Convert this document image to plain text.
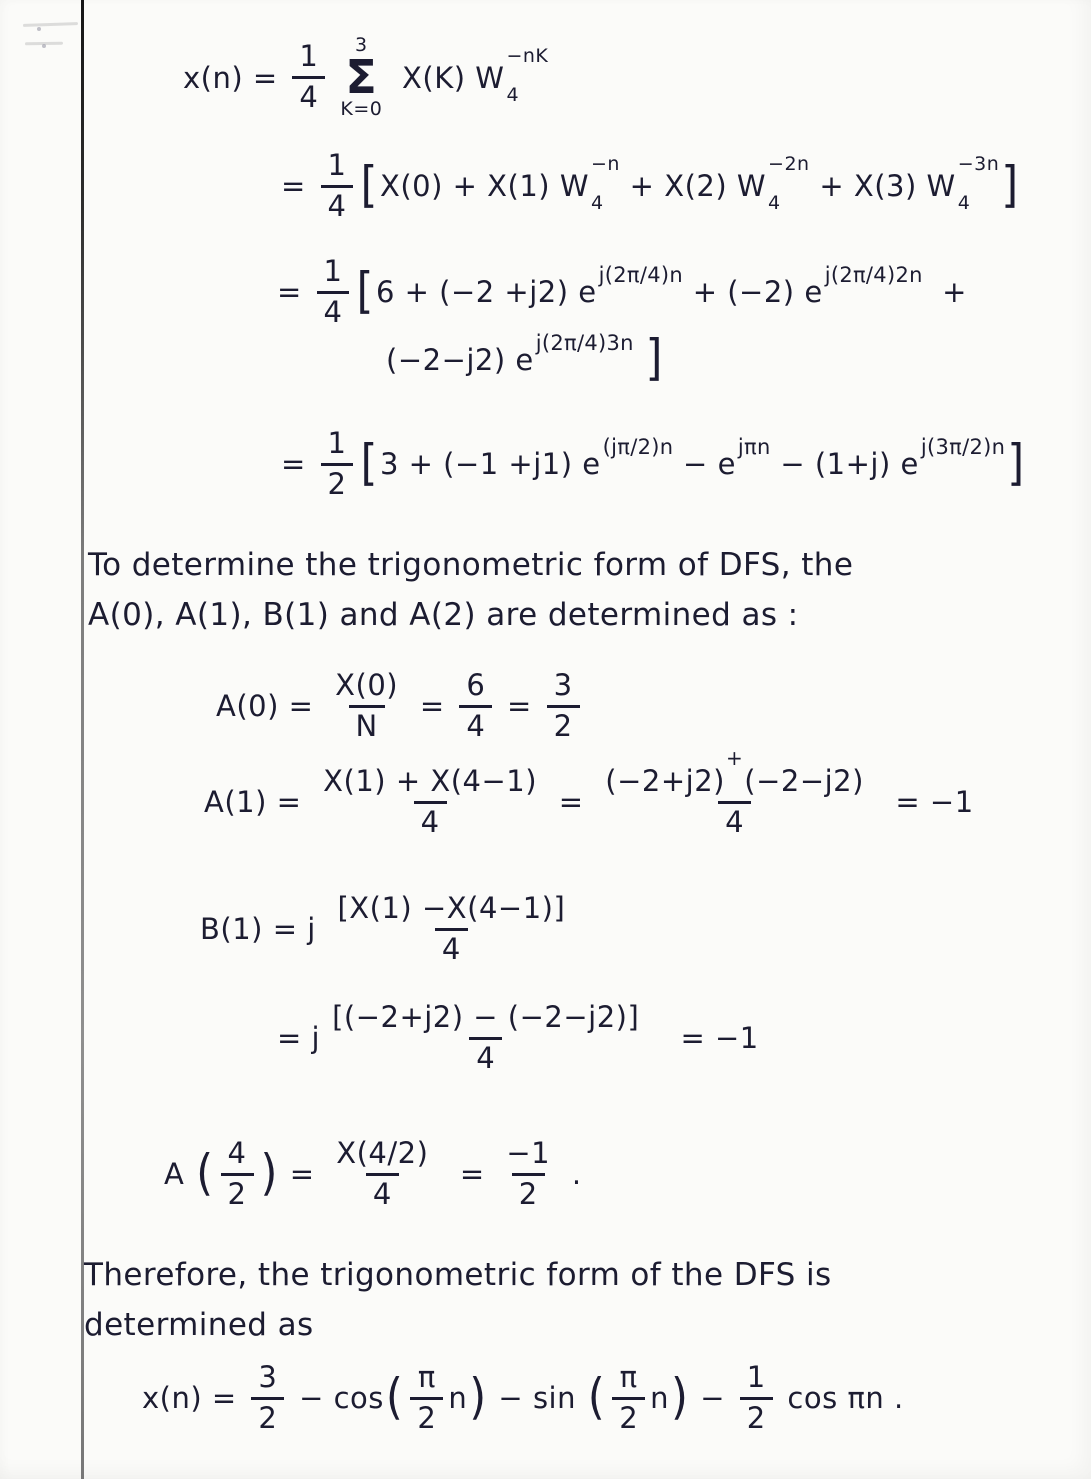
$x(n) = \frac{1}{4} 3$
Σ
K=0
X(K) W
−nK
4
= $\frac{1}{4}$ [ X(0) + X(1) W
−n
4
+ X(2) W
−2n
4
+ X(3) W
−3n
4 ]
= $\frac{1}{4}$ [ 6 + (−2 +j2) e j(2π/4)n + (−2) e j(2π/4)2n +
(−2−j2) e j(2π/4)3n
]
= $\frac{1}{2}$ [ 3 + (−1 +j1) e (jπ/2)n − e jπn − (1+j) e j(3π/2)n ]
To determine the trigonometric form of DFS, the
A(0), A(1), B(1) and A(2) are determined as :
$A(0) = \frac{X(0)}{N} = \frac{6}{4} = \frac{3}{2}$
$A(1) = \frac{X(1) + X(4-1)}{4} = (-2+j2)$
+
(−2−j2)
4 = −1
B(1) = j $\frac{[X(1) -X(4-1)]}{4}$
= j $\frac{[(-2+j2) - (-2-j2)]}{4} = -1$
A ( $\frac{4}{2}$ ) = $\frac{X(4/2)}{4} = \frac{-1}{2}$ .
Therefore, the trigonometric form of the DFS is
determined as
$x(n) = \frac{3}{2} - \cos$ ( $\frac{\pi}{2}$ n ) − sin ( $\frac{\pi}{2}$ n ) − $\frac{1}{2}$ cos πn .
